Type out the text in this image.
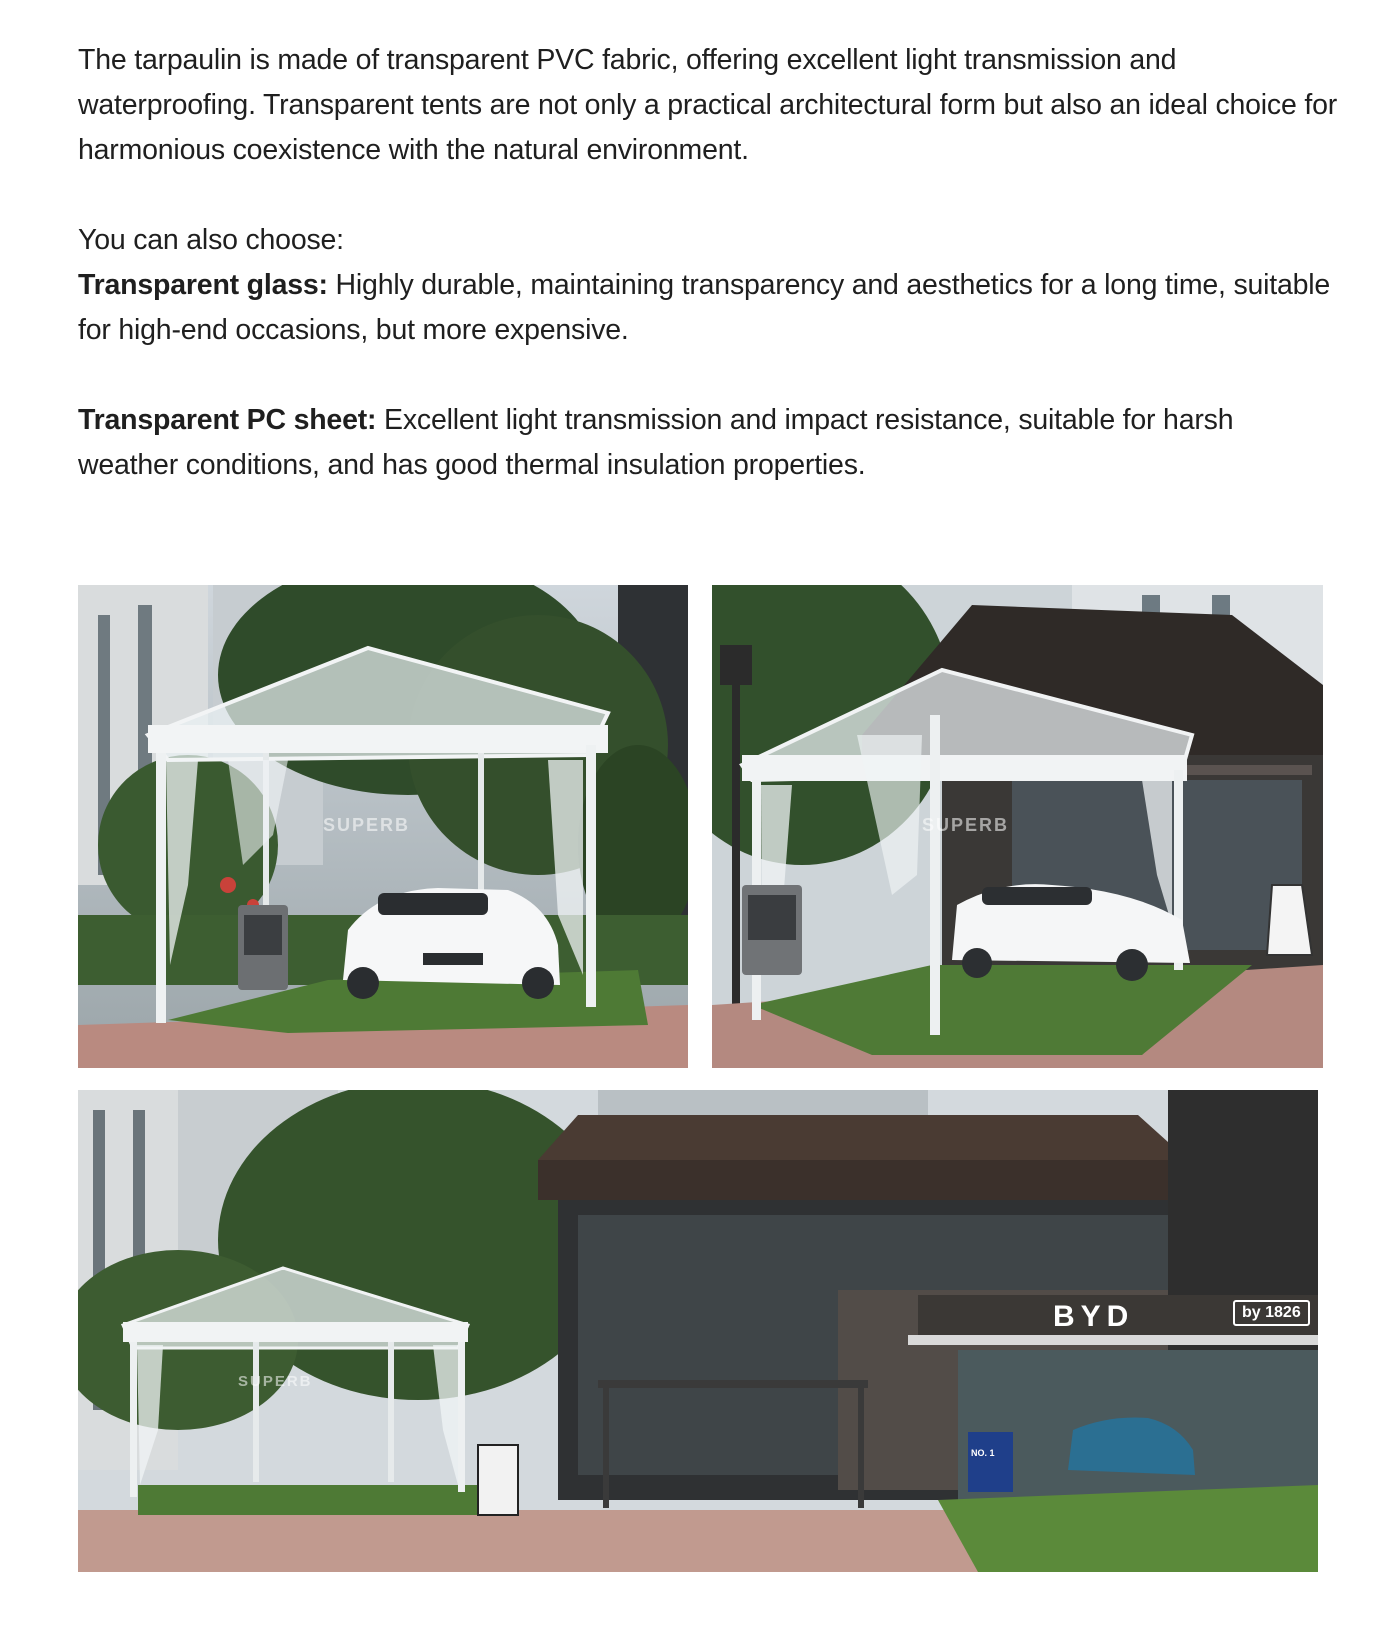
The tarpaulin is made of transparent PVC fabric, offering excellent light transmission and waterproofing. Transparent tents are not only a practical architectural form but also an ideal choice for harmonious coexistence with the natural environment.

You can also choose:

Transparent glass: Highly durable, maintaining transparency and aesthetics for a long time, suitable for high-end occasions, but more expensive.

Transparent PC sheet: Excellent light transmission and impact resistance, suitable for harsh weather conditions, and has good thermal insulation properties.

SUPERB	SUPERB
SUPERB
BYD	by 1826
NO. 1
